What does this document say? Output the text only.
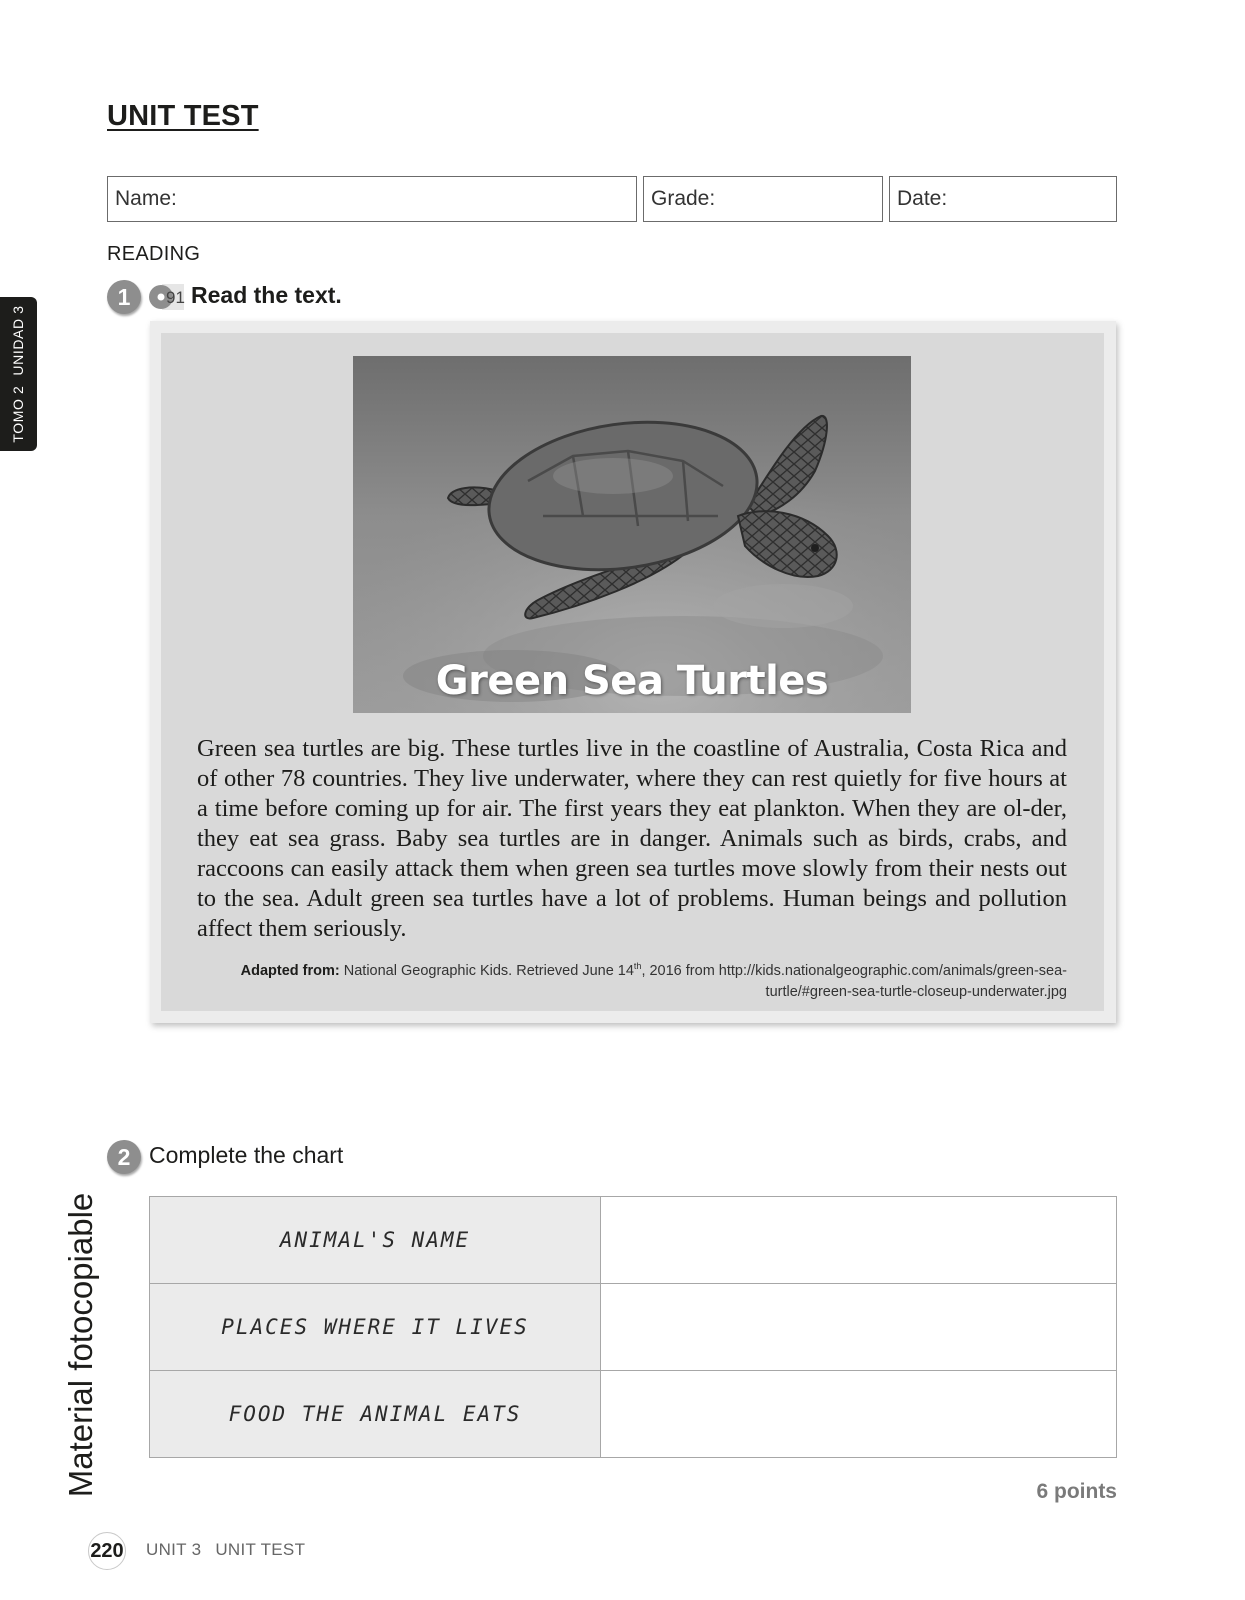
UNIT TEST
Name:	Grade:	Date:
READING
1	91 Read the text.
Green Sea Turtles
Green sea turtles are big. These turtles live in the coastline of Australia, Costa Rica and of other 78 countries. They live underwater, where they can rest quietly for five hours at a time before coming up for air. The first years they eat plankton. When they are ol-der, they eat sea grass. Baby sea turtles are in danger. Animals such as birds, crabs, and raccoons can easily attack them when green sea turtles move slowly from their nests out to the sea. Adult green sea turtles have a lot of problems. Human beings and pollution affect them seriously.
Adapted from: National Geographic Kids. Retrieved June 14th, 2016 from http://kids.nationalgeographic.com/animals/green-sea-turtle/#green-sea-turtle-closeup-underwater.jpg
2 Complete the chart
ANIMAL'S NAME	
PLACES WHERE IT LIVES	
FOOD THE ANIMAL EATS	
6 points
220 UNIT 3 UNIT TEST
TOMO 2UNIDAD 3
Material fotocopiable
